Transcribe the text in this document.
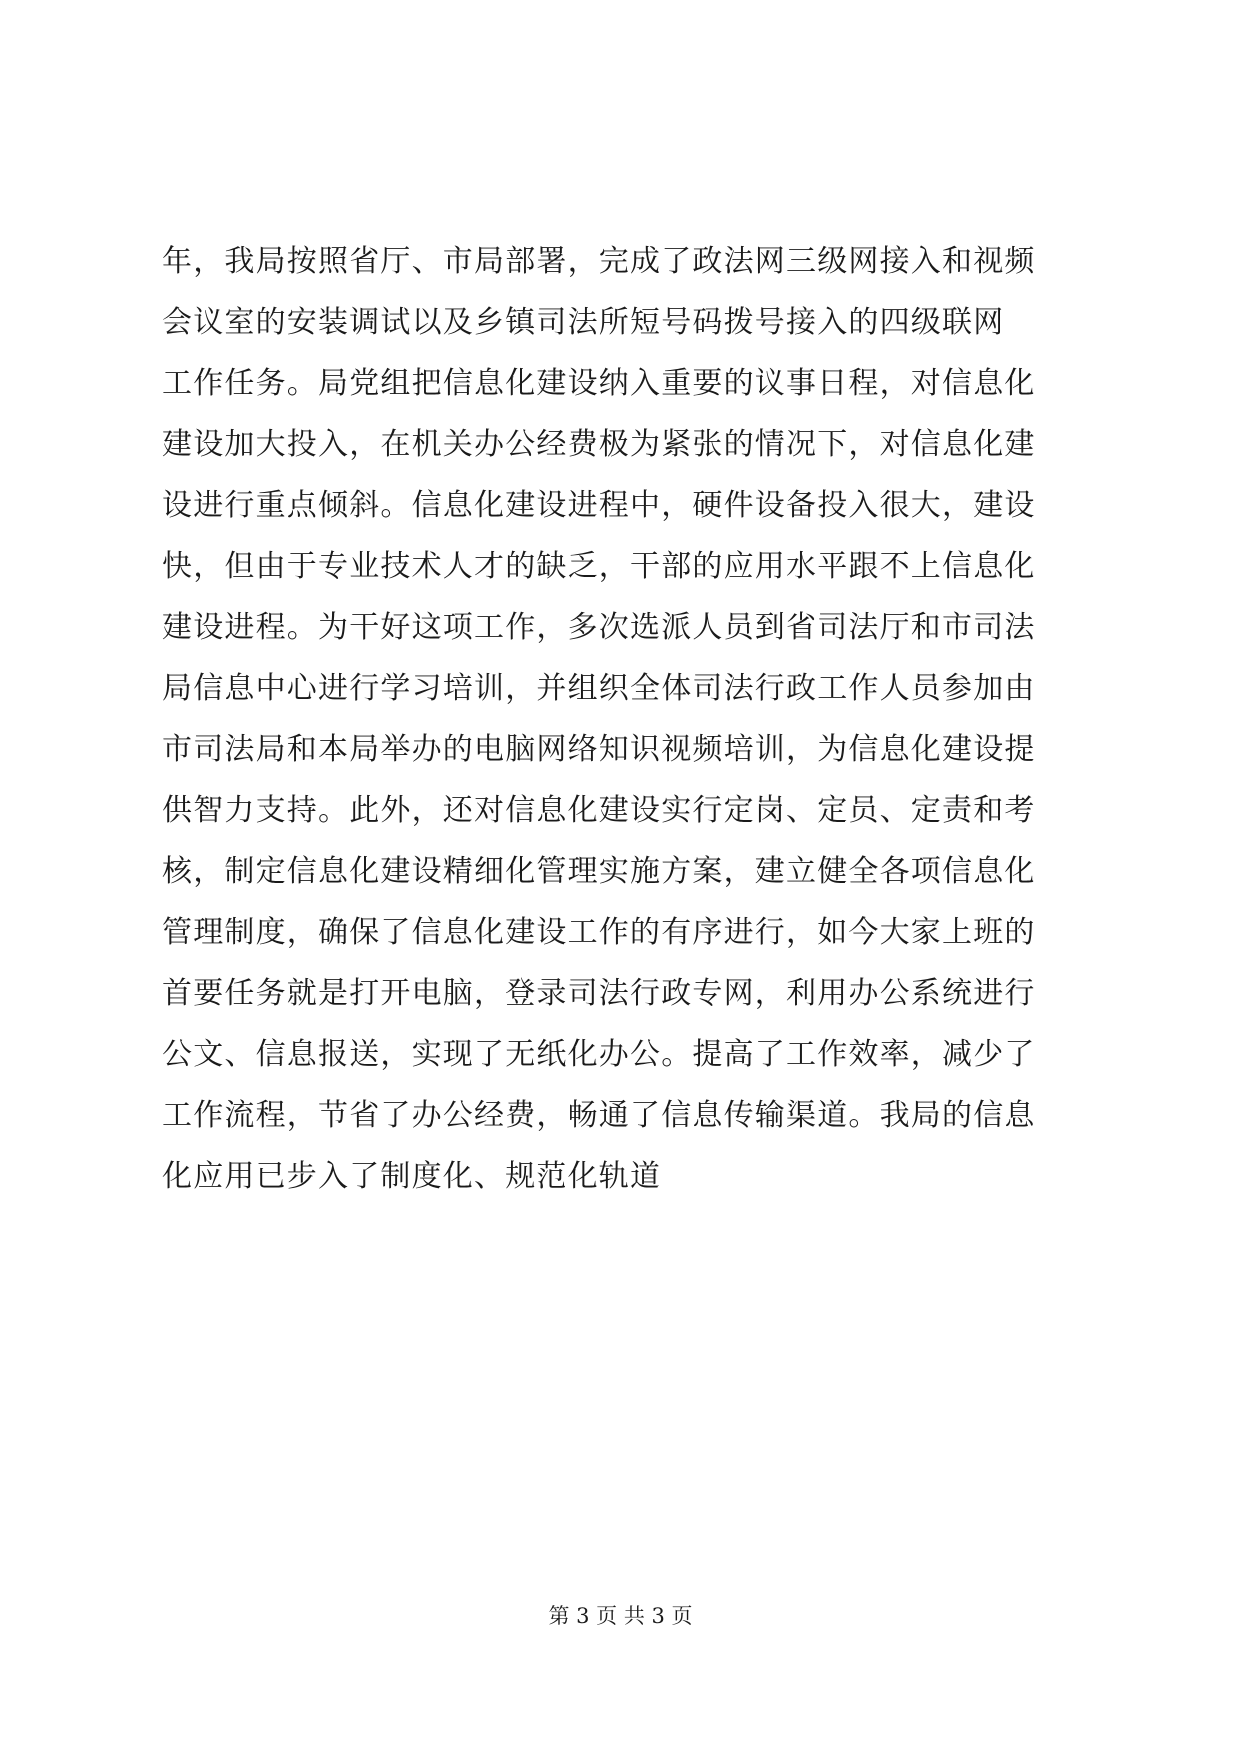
年，我局按照省厅、市局部署，完成了政法网三级网接入和视频
会议室的安装调试以及乡镇司法所短号码拨号接入的四级联网
工作任务。局党组把信息化建设纳入重要的议事日程，对信息化
建设加大投入，在机关办公经费极为紧张的情况下，对信息化建
设进行重点倾斜。信息化建设进程中，硬件设备投入很大，建设
快，但由于专业技术人才的缺乏，干部的应用水平跟不上信息化
建设进程。为干好这项工作，多次选派人员到省司法厅和市司法
局信息中心进行学习培训，并组织全体司法行政工作人员参加由
市司法局和本局举办的电脑网络知识视频培训，为信息化建设提
供智力支持。此外，还对信息化建设实行定岗、定员、定责和考
核，制定信息化建设精细化管理实施方案，建立健全各项信息化
管理制度，确保了信息化建设工作的有序进行，如今大家上班的
首要任务就是打开电脑，登录司法行政专网，利用办公系统进行
公文、信息报送，实现了无纸化办公。提高了工作效率，减少了
工作流程，节省了办公经费，畅通了信息传输渠道。我局的信息
化应用已步入了制度化、规范化轨道
第 3 页 共 3 页
